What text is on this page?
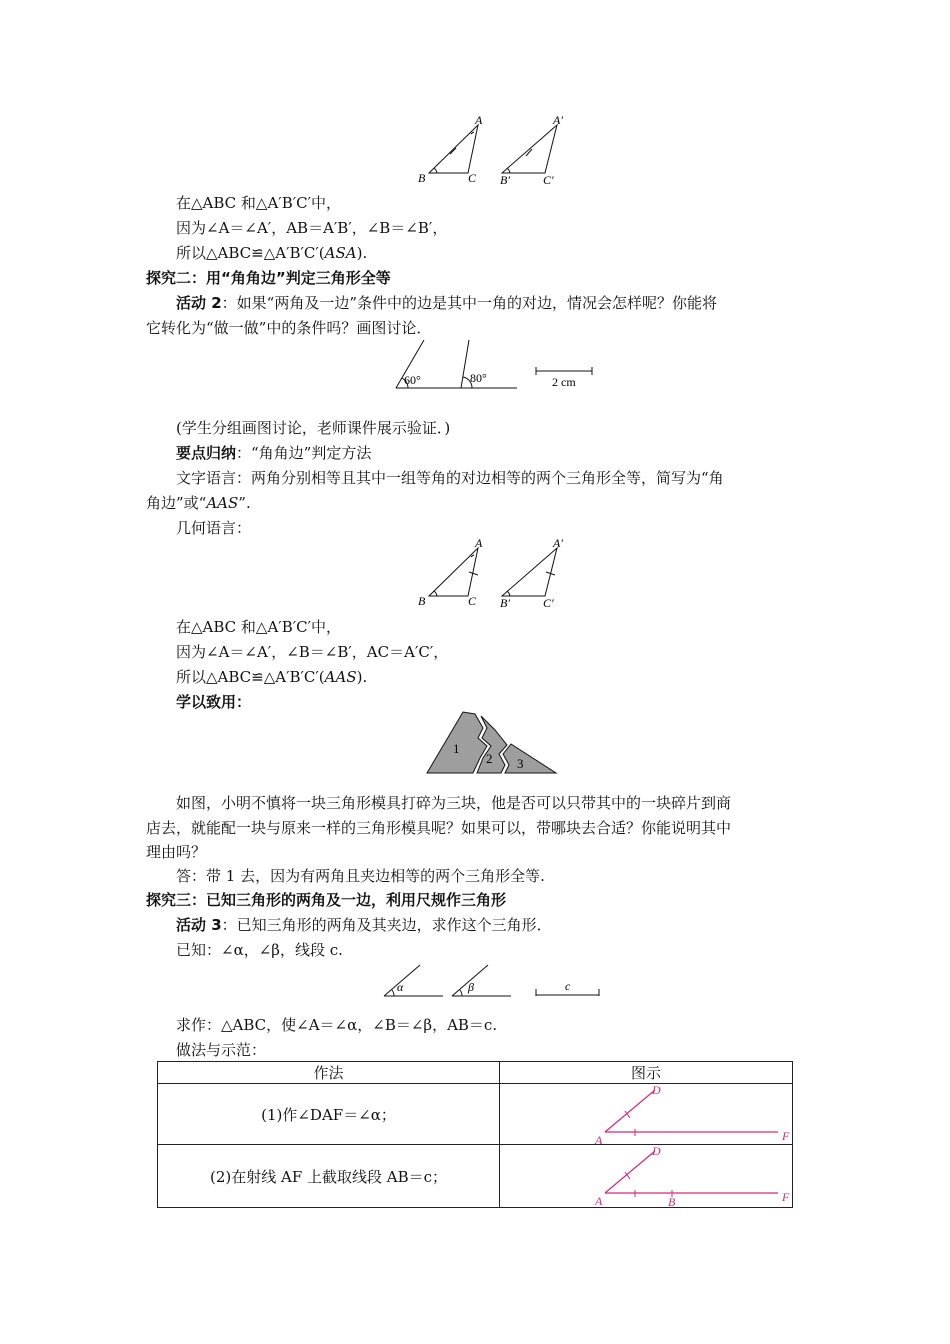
A
B	C
A′
B′	C′
在△ABC 和△A′B′C′中，
因为∠A＝∠A′，AB＝A′B′，∠B＝∠B′，
所以△ABC≌△A′B′C′(ASA).
探究二：用“角角边”判定三角形全等
活动 2：如果“两角及一边”条件中的边是其中一角的对边，情况会怎样呢？你能将
它转化为“做一做”中的条件吗？画图讨论．
60°	80°	2 cm
(学生分组画图讨论，老师课件展示验证．)
要点归纳：“角角边”判定方法
文字语言：两角分别相等且其中一组等角的对边相等的两个三角形全等，简写为“角
角边”或“AAS”.
几何语言：
A
B	C
A′
B′	C′
在△ABC 和△A′B′C′中，
因为∠A＝∠A′，∠B＝∠B′，AC＝A′C′，
所以△ABC≌△A′B′C′(AAS).
学以致用：
1
2 3
如图，小明不慎将一块三角形模具打碎为三块，他是否可以只带其中的一块碎片到商
店去，就能配一块与原来一样的三角形模具呢？如果可以，带哪块去合适？你能说明其中
理由吗？
答：带 1 去，因为有两角且夹边相等的两个三角形全等.
探究三：已知三角形的两角及一边，利用尺规作三角形
活动 3：已知三角形的两角及其夹边，求作这个三角形．
已知：∠α，∠β，线段 c.
α	β	c
求作：△ABC，使∠A＝∠α，∠B＝∠β，AB＝c.
做法与示范：
作法	图示
(1)作∠DAF＝∠α；	A
D
F

(2)在射线 AF 上截取线段 AB＝c；	A
D
B F
